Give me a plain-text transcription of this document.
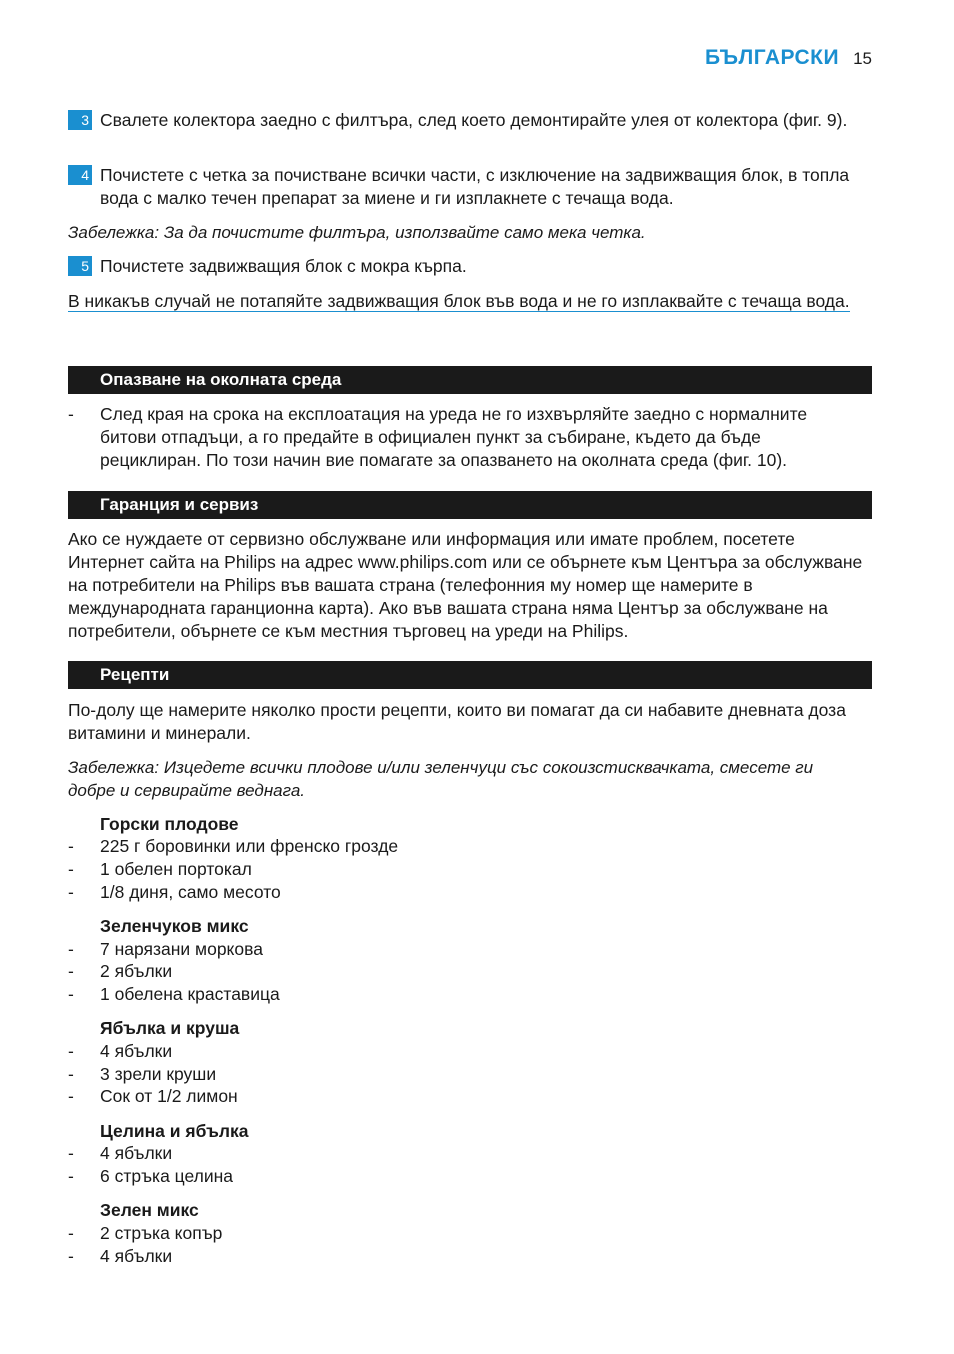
БЪЛГАРСКИ 15
3 Свалете колектора заедно с филтъра, след което демонтирайте улея от колектора (фиг. 9).
4 Почистете с четка за почистване всички части, с изключение на задвижващия блок, в топла вода с малко течен препарат за миене и ги изплакнете с течаща вода.
Забележка: За да почистите филтъра, използвайте само мека четка.
5 Почистете задвижващия блок с мокра кърпа.
В никакъв случай не потапяйте задвижващия блок във вода и не го изплаквайте с течаща вода.
Опазване на околната среда
-	След края на срока на експлоатация на уреда не го изхвърляйте заедно с нормалните битови отпадъци, а го предайте в официален пункт за събиране, където да бъде рециклиран. По този начин вие помагате за опазването на околната среда (фиг. 10).
Гаранция и сервиз
Ако се нуждаете от сервизно обслужване или информация или имате проблем, посетете Интернет сайта на Philips на адрес www.philips.com или се обърнете към Центъра за обслужване на потребители на Philips във вашата страна (телефонния му номер ще намерите в международната гаранционна карта). Ако във вашата страна няма Център за обслужване на потребители, обърнете се към местния търговец на уреди на Philips.
Рецепти
По-долу ще намерите няколко прости рецепти, които ви помагат да си набавите дневната доза витамини и минерали.
Забележка: Изцедете всички плодове и/или зеленчуци със сокоизстисквачката, смесете ги добре и сервирайте веднага.
Горски плодове
-	225 г боровинки или френско грозде
-	1 обелен портокал
-	1/8 диня, само месото
Зеленчуков микс
-	7 нарязани моркова
-	2 ябълки
-	1 обелена краставица
Ябълка и круша
-	4 ябълки
-	3 зрели круши
-	Сок от 1/2 лимон
Целина и ябълка
-	4 ябълки
-	6 стръка целина
Зелен микс
-	2 стръка копър
-	4 ябълки
